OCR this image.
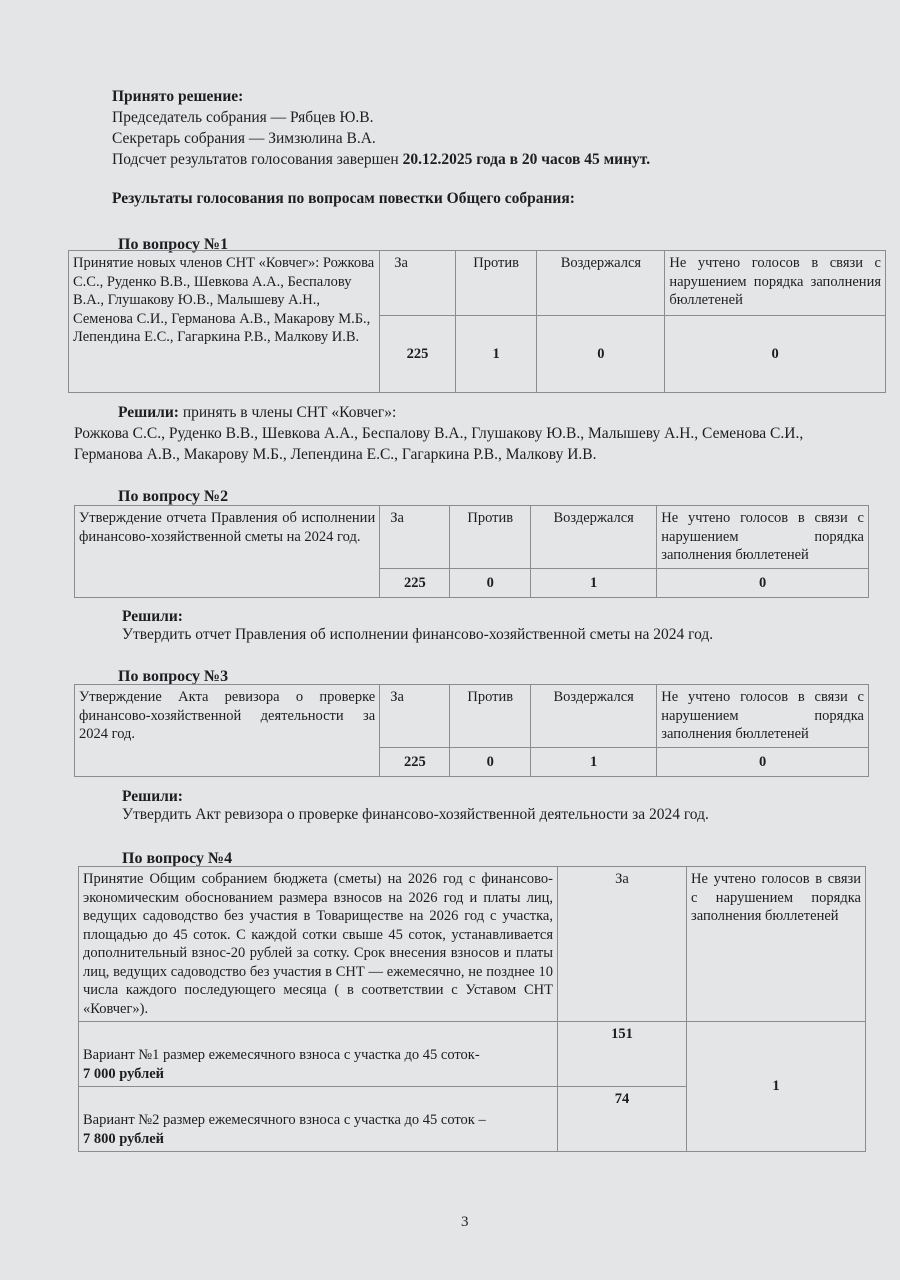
Принято решение:
Председатель собрания — Рябцев Ю.В.
Секретарь собрания — Зимзюлина В.А.
Подсчет результатов голосования завершен 20.12.2025 года в 20 часов 45 минут.
Результаты голосования по вопросам повестки Общего собрания:
По вопросу №1
Принятие новых членов СНТ «Ковчег»: Рожкова С.С., Руденко В.В., Шевкова А.А., Беспалову В.А., Глушакову Ю.В., Малышеву А.Н., Семенова С.И., Германова А.В., Макарову М.Б., Лепендина Е.С., Гагаркина Р.В., Малкову И.В.	За	Против	Воздержался	Не учтено голосов в связи с нарушением порядка заполнения бюллетеней
	225	1	0	0
Решили: принять в члены СНТ «Ковчег»:
Рожкова С.С., Руденко В.В., Шевкова А.А., Беспалову В.А., Глушакову Ю.В., Малышеву А.Н., Семенова С.И., Германова А.В., Макарову М.Б., Лепендина Е.С., Гагаркина Р.В., Малкову И.В.
По вопросу №2
Утверждение отчета Правления об исполнении финансово-хозяйственной сметы на 2024 год.	За	Против	Воздержался	Не учтено голосов в связи с нарушением порядка заполнения бюллетеней
	225	0	1	0
Решили:
Утвердить отчет Правления об исполнении финансово-хозяйственной сметы на 2024 год.
По вопросу №3
Утверждение Акта ревизора о проверке финансово-хозяйственной деятельности за 2024 год.	За	Против	Воздержался	Не учтено голосов в связи с нарушением порядка заполнения бюллетеней
	225	0	1	0
Решили:
Утвердить Акт ревизора о проверке финансово-хозяйственной деятельности за 2024 год.
По вопросу №4
Принятие Общим собранием бюджета (сметы) на 2026 год с финансово-экономическим обоснованием размера взносов на 2026 год и платы лиц, ведущих садоводство без участия в Товариществе на 2026 год с участка, площадью до 45 соток. С каждой сотки свыше 45 соток, устанавливается дополнительный взнос-20 рублей за сотку. Срок внесения взносов и платы лиц, ведущих садоводство без участия в СНТ — ежемесячно, не позднее 10 числа каждого последующего месяца ( в соответствии с Уставом СНТ «Ковчег»).	За	Не учтено голосов в связи с нарушением порядка заполнения бюллетеней

Вариант №1 размер ежемесячного взноса с участка до 45 соток-
7 000 рублей	151	1

Вариант №2 размер ежемесячного взноса с участка до 45 соток –
7 800 рублей	74	
3
